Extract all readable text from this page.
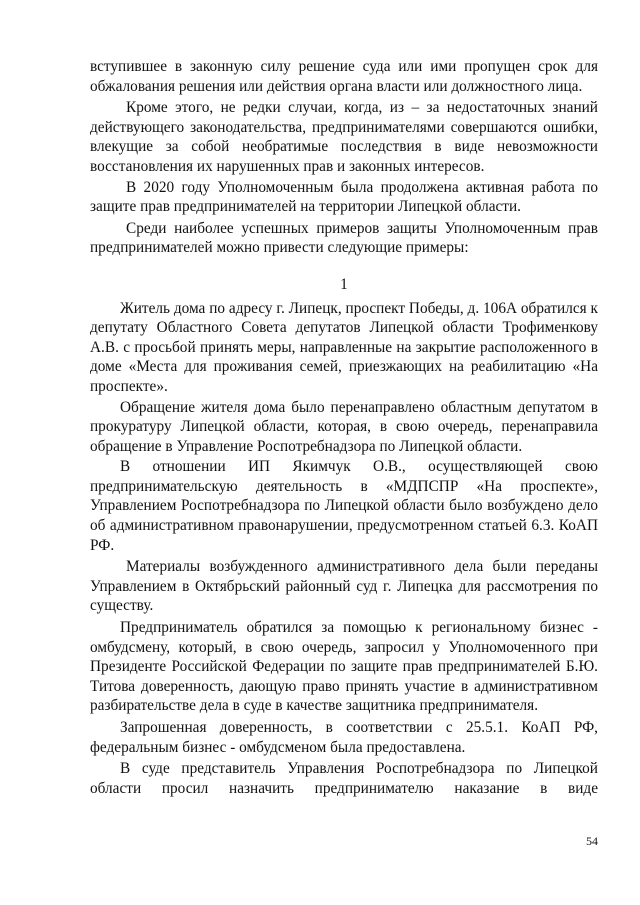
вступившее в законную силу решение суда или ими пропущен срок для обжалования решения или действия органа власти или должностного лица.

Кроме этого, не редки случаи, когда, из – за недостаточных знаний действующего законодательства, предпринимателями совершаются ошибки, влекущие за собой необратимые последствия в виде невозможности восстановления их нарушенных прав и законных интересов.

В 2020 году Уполномоченным была продолжена активная работа по защите прав предпринимателей на территории Липецкой области.

Среди наиболее успешных примеров защиты Уполномоченным прав предпринимателей можно привести следующие примеры:

1

Житель дома по адресу г. Липецк, проспект Победы, д. 106А обратился к депутату Областного Совета депутатов Липецкой области Трофименкову А.В. с просьбой принять меры, направленные на закрытие расположенного в доме «Места для проживания семей, приезжающих на реабилитацию «На проспекте».

Обращение жителя дома было перенаправлено областным депутатом в прокуратуру Липецкой области, которая, в свою очередь, перенаправила обращение в Управление Роспотребнадзора по Липецкой области.

В отношении ИП Якимчук О.В., осуществляющей свою предпринимательскую деятельность в «МДПСПР «На проспекте», Управлением Роспотребнадзора по Липецкой области было возбуждено дело об административном правонарушении, предусмотренном статьей 6.3. КоАП РФ.

Материалы возбужденного административного дела были переданы Управлением в Октябрьский районный суд г. Липецка для рассмотрения по существу.

Предприниматель обратился за помощью к региональному бизнес - омбудсмену, который, в свою очередь, запросил у Уполномоченного при Президенте Российской Федерации по защите прав предпринимателей Б.Ю. Титова доверенность, дающую право принять участие в административном разбирательстве дела в суде в качестве защитника предпринимателя.

Запрошенная доверенность, в соответствии с 25.5.1. КоАП РФ, федеральным бизнес - омбудсменом была предоставлена.

В суде представитель Управления Роспотребнадзора по Липецкой области просил назначить предпринимателю наказание в виде

54
